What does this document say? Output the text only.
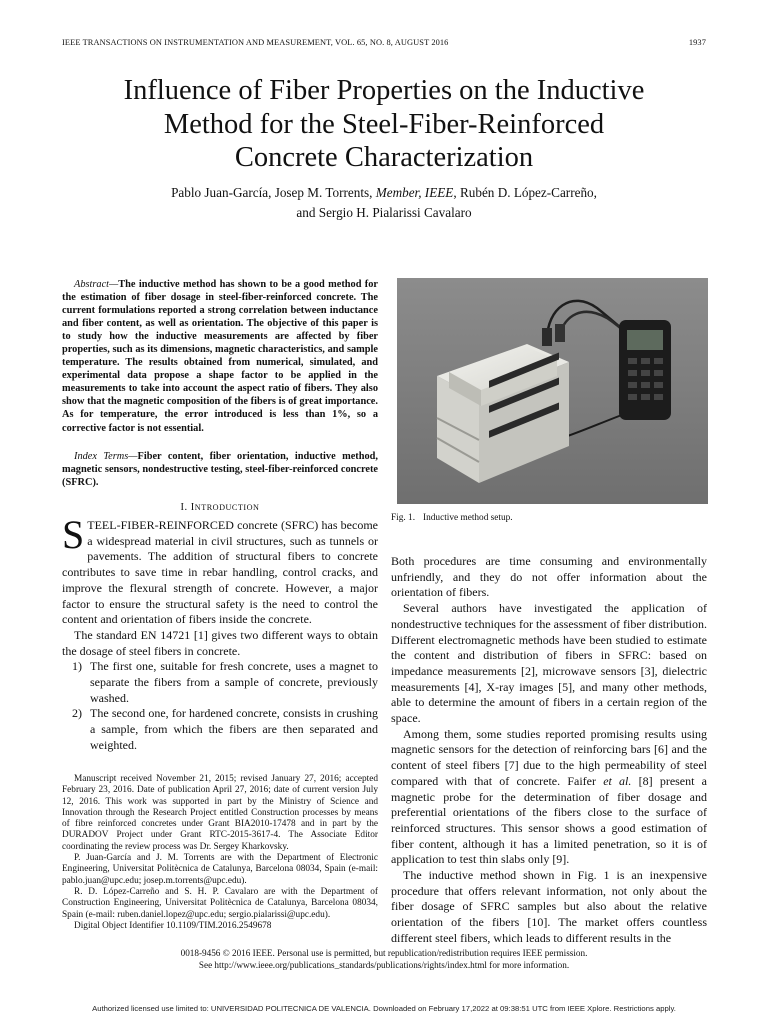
IEEE TRANSACTIONS ON INSTRUMENTATION AND MEASUREMENT, VOL. 65, NO. 8, AUGUST 2016	1937
Influence of Fiber Properties on the Inductive
Method for the Steel-Fiber-Reinforced
Concrete Characterization
Pablo Juan-García, Josep M. Torrents, Member, IEEE, Rubén D. López-Carreño,
and Sergio H. Pialarissi Cavalaro
Abstract—The inductive method has shown to be a good method for the estimation of fiber dosage in steel-fiber-reinforced concrete. The current formulations reported a strong correlation between inductance and fiber content, as well as orientation. The objective of this paper is to study how the inductive measurements are affected by fiber properties, such as its dimensions, magnetic characteristics, and sample temperature. The results obtained from numerical, simulated, and experimental data propose a shape factor to be applied in the measurements to take into account the aspect ratio of fibers. They also show that the magnetic composition of the fibers is of great importance. As for temperature, the error introduced is less than 1%, so a corrective factor is not essential.
Index Terms—Fiber content, fiber orientation, inductive method, magnetic sensors, nondestructive testing, steel-fiber-reinforced concrete (SFRC).
I. INTRODUCTION

STEEL-FIBER-REINFORCED concrete (SFRC) has become a widespread material in civil structures, such as tunnels or pavements. The addition of structural fibers to concrete contributes to save time in rebar handling, control cracks, and improve the flexural strength of concrete. However, a major factor to ensure the structural safety is the need to control the content and orientation of fibers inside the concrete.

The standard EN 14721 [1] gives two different ways to obtain the dosage of steel fibers in concrete.

1) The first one, suitable for fresh concrete, uses a magnet to separate the fibers from a sample of concrete, previously washed.
2) The second one, for hardened concrete, consists in crushing a sample, from which the fibers are then separated and weighted.

Manuscript received November 21, 2015; revised January 27, 2016; accepted February 23, 2016. Date of publication April 27, 2016; date of current version July 12, 2016. This work was supported in part by the Ministry of Science and Innovation through the Research Project entitled Construction processes by means of fibre reinforced concretes under Grant BIA2010-17478 and in part by the DURADOV Project under Grant RTC-2015-3617-4. The Associate Editor coordinating the review process was Dr. Sergey Kharkovsky.

P. Juan-García and J. M. Torrents are with the Department of Electronic Engineering, Universitat Politècnica de Catalunya, Barcelona 08034, Spain (e-mail: pablo.juan@upc.edu; josep.m.torrents@upc.edu).

R. D. López-Carreño and S. H. P. Cavalaro are with the Department of Construction Engineering, Universitat Politècnica de Catalunya, Barcelona 08034, Spain (e-mail: ruben.daniel.lopez@upc.edu; sergio.pialarissi@upc.edu).

Digital Object Identifier 10.1109/TIM.2016.2549678

Fig. 1. Inductive method setup.

Both procedures are time consuming and environmentally unfriendly, and they do not offer information about the orientation of fibers.

Several authors have investigated the application of nondestructive techniques for the assessment of fiber distribution. Different electromagnetic methods have been studied to estimate the content and distribution of fibers in SFRC: based on impedance measurements [2], microwave sensors [3], dielectric measurements [4], X-ray images [5], and many other methods, able to determine the amount of fibers in a certain region of the space.

Among them, some studies reported promising results using magnetic sensors for the detection of reinforcing bars [6] and the content of steel fibers [7] due to the high permeability of steel compared with that of concrete. Faifer et al. [8] present a magnetic probe for the determination of fiber dosage and preferential orientations of the fibers close to the surface of reinforced structures. This sensor shows a good estimation of fiber content, although it has a limited penetration, so it is of application to test thin slabs only [9].

The inductive method shown in Fig. 1 is an inexpensive procedure that offers relevant information, not only about the fiber dosage of SFRC samples but also about the relative orientation of the fibers [10]. The market offers countless different steel fibers, which leads to different results in the

0018-9456 © 2016 IEEE. Personal use is permitted, but republication/redistribution requires IEEE permission.
See http://www.ieee.org/publications_standards/publications/rights/index.html for more information.
Authorized licensed use limited to: UNIVERSIDAD POLITECNICA DE VALENCIA. Downloaded on February 17,2022 at 09:38:51 UTC from IEEE Xplore. Restrictions apply.
